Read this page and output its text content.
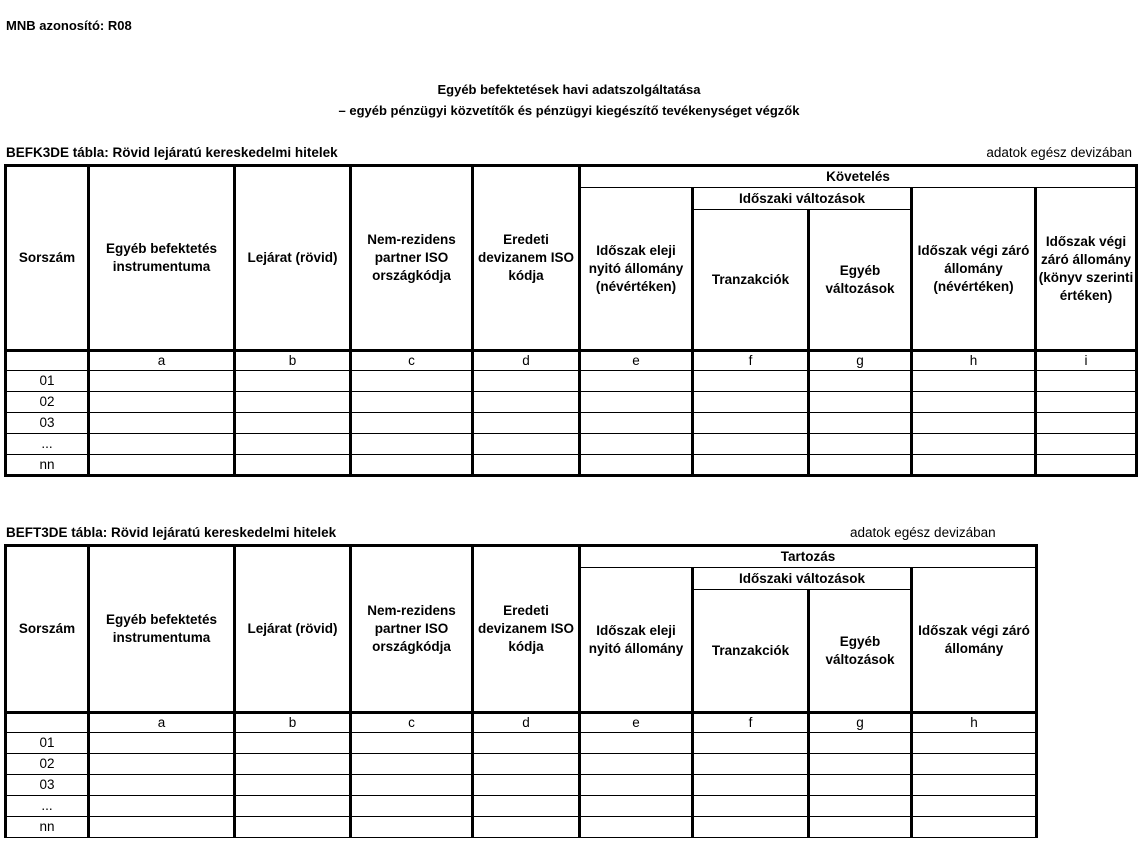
MNB azonosító: R08
Egyéb befektetések havi adatszolgáltatása
– egyéb pénzügyi közvetítők és pénzügyi kiegészítő tevékenységet végzők
BEFK3DE tábla: Rövid lejáratú kereskedelmi hitelek	adatok egész devizában
Sorszám	Egyéb befektetés instrumentuma	Lejárat (rövid)	Nem-rezidens partner ISO országkódja	Eredeti devizanem ISO kódja	Követelés				
					Időszak eleji nyitó állomány (névértéken)	Időszaki változások		Időszak végi záró állomány (névértéken)	Időszak végi záró állomány (könyv szerinti értéken)
						Tranzakciók	Egyéb változások		
	a	b	c	d	e	f	g	h	i
01									
02									
03									
...									
nn									
BEFT3DE tábla: Rövid lejáratú kereskedelmi hitelek	adatok egész devizában
Sorszám	Egyéb befektetés instrumentuma	Lejárat (rövid)	Nem-rezidens partner ISO országkódja	Eredeti devizanem ISO kódja	Tartozás			
					Időszak eleji nyitó állomány	Időszaki változások		Időszak végi záró állomány
						Tranzakciók	Egyéb változások	
	a	b	c	d	e	f	g	h
01								
02								
03								
...								
nn								
